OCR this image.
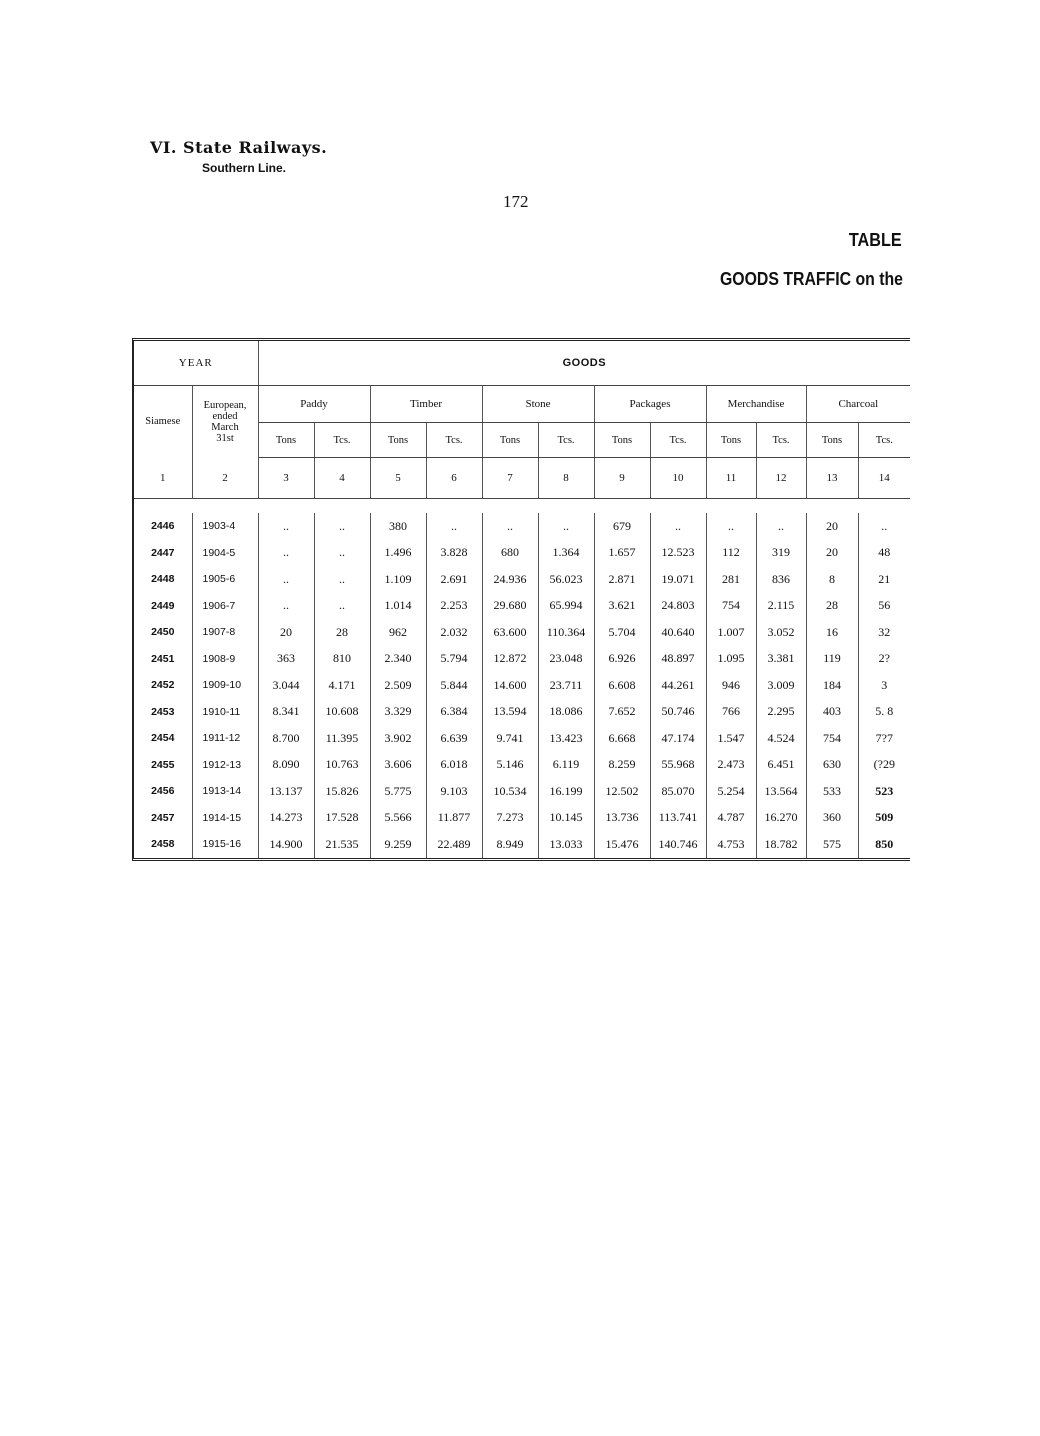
VI. State Railways.
Southern Line.
172
TABLE
GOODS TRAFFIC on the
YEAR		GOODS											
Siamese	European,
ended
March
31st	Paddy		Timber		Stone		Packages		Merchandise		Charcoal	
		Tons	Tcs.	Tons	Tcs.	Tons	Tcs.	Tons	Tcs.	Tons	Tcs.	Tons	Tcs.
1	2	3	4	5	6	7	8	9	10	11	12	13	14

2446	1903-4	..	..	380	..	..	..	679	..	..	..	20	..
2447	1904-5	..	..	1.496	3.828	680	1.364	1.657	12.523	112	319	20	48
2448	1905-6	..	..	1.109	2.691	24.936	56.023	2.871	19.071	281	836	8	21
2449	1906-7	..	..	1.014	2.253	29.680	65.994	3.621	24.803	754	2.115	28	56
2450	1907-8	20	28	962	2.032	63.600	110.364	5.704	40.640	1.007	3.052	16	32
2451	1908-9	363	810	2.340	5.794	12.872	23.048	6.926	48.897	1.095	3.381	119	2?
2452	1909-10	3.044	4.171	2.509	5.844	14.600	23.711	6.608	44.261	946	3.009	184	3
2453	1910-11	8.341	10.608	3.329	6.384	13.594	18.086	7.652	50.746	766	2.295	403	5. 8
2454	1911-12	8.700	11.395	3.902	6.639	9.741	13.423	6.668	47.174	1.547	4.524	754	7?7
2455	1912-13	8.090	10.763	3.606	6.018	5.146	6.119	8.259	55.968	2.473	6.451	630	(?29
2456	1913-14	13.137	15.826	5.775	9.103	10.534	16.199	12.502	85.070	5.254	13.564	533	523
2457	1914-15	14.273	17.528	5.566	11.877	7.273	10.145	13.736	113.741	4.787	16.270	360	509
2458	1915-16	14.900	21.535	9.259	22.489	8.949	13.033	15.476	140.746	4.753	18.782	575	850
